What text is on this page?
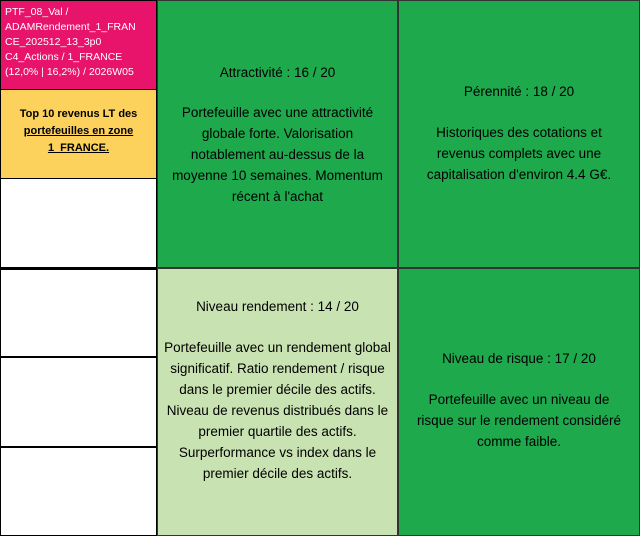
PTF_08_Val /
ADAMRendement_1_FRAN
CE_202512_13_3p0
C4_Actions / 1_FRANCE
(12,0% | 16,2%) / 2026W05
Top 10 revenus LT des
portefeuilles en zone
1_FRANCE.
Attractivité : 16 / 20
Portefeuille avec une attractivité globale forte. Valorisation notablement au-dessus de la moyenne 10 semaines. Momentum récent à l'achat
Pérennité : 18 / 20
Historiques des cotations et revenus complets avec une capitalisation d'environ 4.4 G€.
Niveau rendement : 14 / 20
Portefeuille avec un rendement global significatif. Ratio rendement / risque dans le premier décile des actifs. Niveau de revenus distribués dans le premier quartile des actifs. Surperformance vs index dans le premier décile des actifs.
Niveau de risque : 17 / 20
Portefeuille avec un niveau de risque sur le rendement considéré comme faible.
